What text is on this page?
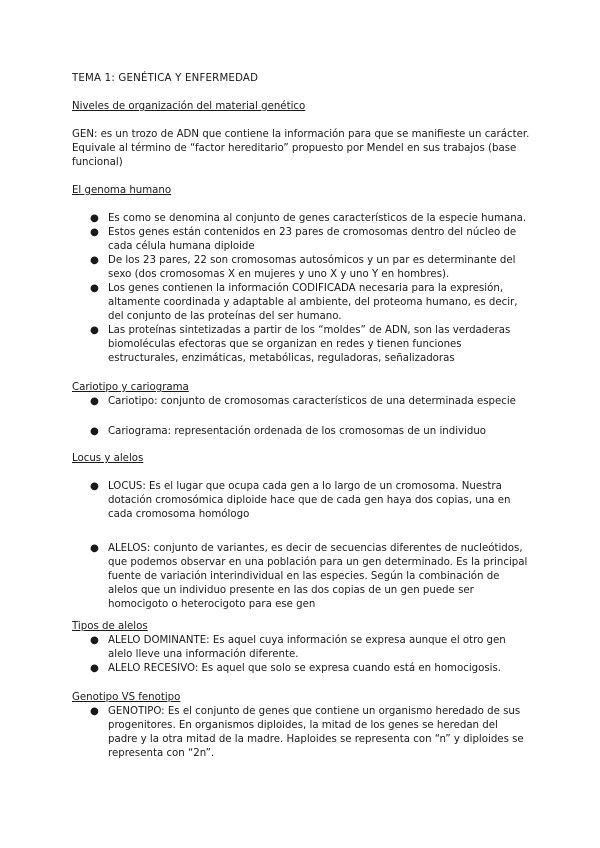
TEMA 1: GENÉTICA Y ENFERMEDAD
Niveles de organización del material genético

GEN: es un trozo de ADN que contiene la información para que se manifieste un carácter. Equivale al término de “factor hereditario” propuesto por Mendel en sus trabajos (base funcional)

El genoma humano
● Es como se denomina al conjunto de genes característicos de la especie humana.
● Estos genes están contenidos en 23 pares de cromosomas dentro del núcleo de cada célula humana diploide
● De los 23 pares, 22 son cromosomas autosómicos y un par es determinante del sexo (dos cromosomas X en mujeres y uno X y uno Y en hombres).
● Los genes contienen la información CODIFICADA necesaria para la expresión, altamente coordinada y adaptable al ambiente, del proteoma humano, es decir, del conjunto de las proteínas del ser humano.
● Las proteínas sintetizadas a partir de los “moldes” de ADN, son las verdaderas biomoléculas efectoras que se organizan en redes y tienen funciones estructurales, enzimáticas, metabólicas, reguladoras, señalizadoras
Cariotipo y cariograma
● Cariotipo: conjunto de cromosomas característicos de una determinada especie
● Cariograma: representación ordenada de los cromosomas de un individuo
Locus y alelos
● LOCUS: Es el lugar que ocupa cada gen a lo largo de un cromosoma. Nuestra dotación cromosómica diploide hace que de cada gen haya dos copias, una en cada cromosoma homólogo
● ALELOS: conjunto de variantes, es decir de secuencias diferentes de nucleótidos, que podemos observar en una población para un gen determinado. Es la principal fuente de variación interindividual en las especies. Según la combinación de alelos que un individuo presente en las dos copias de un gen puede ser homocigoto o heterocigoto para ese gen
Tipos de alelos
● ALELO DOMINANTE: Es aquel cuya información se expresa aunque el otro gen alelo lleve una información diferente.
● ALELO RECESIVO: Es aquel que solo se expresa cuando está en homocigosis.
Genotipo VS fenotipo
● GENOTIPO: Es el conjunto de genes que contiene un organismo heredado de sus progenitores. En organismos diploides, la mitad de los genes se heredan del padre y la otra mitad de la madre. Haploides se representa con “n” y diploides se representa con “2n”.
